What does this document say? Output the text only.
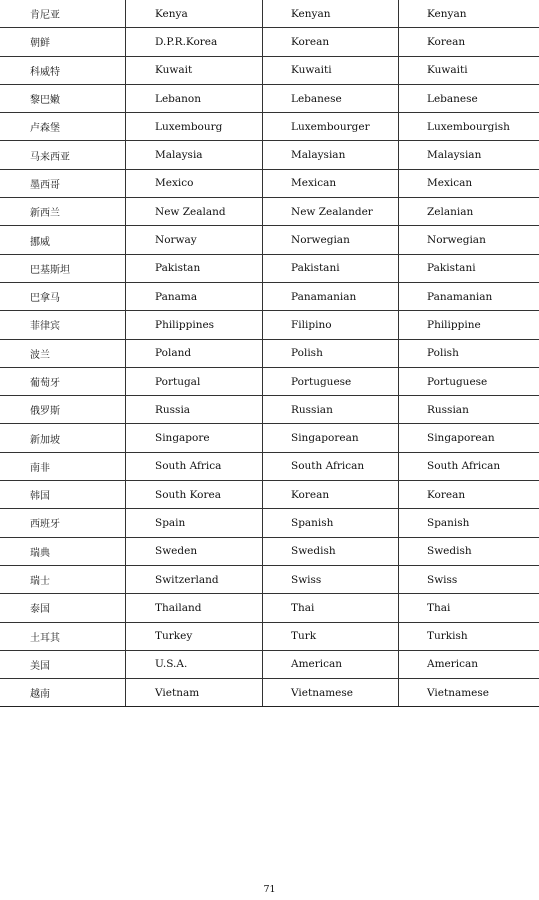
肯尼亚	Kenya	Kenyan	Kenyan
朝鲜	D.P.R.Korea	Korean	Korean
科威特	Kuwait	Kuwaiti	Kuwaiti
黎巴嫩	Lebanon	Lebanese	Lebanese
卢森堡	Luxembourg	Luxembourger	Luxembourgish
马来西亚	Malaysia	Malaysian	Malaysian
墨西哥	Mexico	Mexican	Mexican
新西兰	New Zealand	New Zealander	Zelanian
挪威	Norway	Norwegian	Norwegian
巴基斯坦	Pakistan	Pakistani	Pakistani
巴拿马	Panama	Panamanian	Panamanian
菲律宾	Philippines	Filipino	Philippine
波兰	Poland	Polish	Polish
葡萄牙	Portugal	Portuguese	Portuguese
俄罗斯	Russia	Russian	Russian
新加坡	Singapore	Singaporean	Singaporean
南非	South Africa	South African	South African
韩国	South Korea	Korean	Korean
西班牙	Spain	Spanish	Spanish
瑞典	Sweden	Swedish	Swedish
瑞士	Switzerland	Swiss	Swiss
泰国	Thailand	Thai	Thai
土耳其	Turkey	Turk	Turkish
美国	U.S.A.	American	American
越南	Vietnam	Vietnamese	Vietnamese
71
